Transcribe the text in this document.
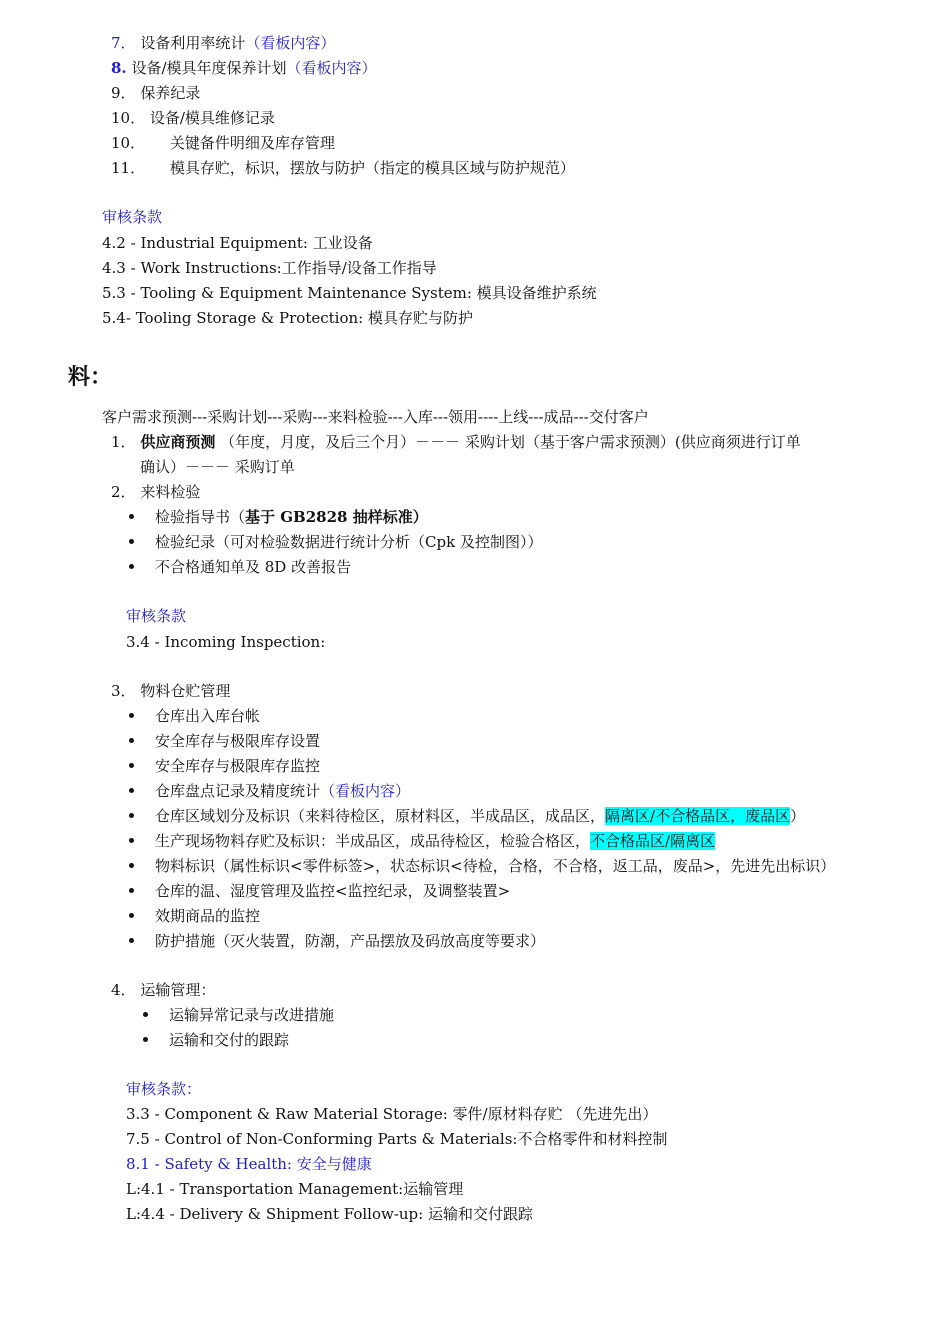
7． 设备利用率统计（看板内容）
8. 设备/模具年度保养计划（看板内容）
9． 保养纪录
10． 设备/模具维修记录
10． 关键备件明细及库存管理
11． 模具存贮，标识，摆放与防护（指定的模具区域与防护规范）
审核条款
4.2 - Industrial Equipment: 工业设备
4.3 - Work Instructions:工作指导/设备工作指导
5.3 - Tooling & Equipment Maintenance System: 模具设备维护系统
5.4- Tooling Storage & Protection: 模具存贮与防护
料：
客户需求预测---采购计划---采购---来料检验---入库---领用----上线---成品---交付客户
1． 供应商预测 （年度，月度，及后三个月）－－－ 采购计划（基于客户需求预测）(供应商须进行订单
确认）－－－ 采购订单
2． 来料检验
检验指导书（基于 GB2828 抽样标准）
检验纪录（可对检验数据进行统计分析（Cpk 及控制图））
不合格通知单及 8D 改善报告
审核条款
3.4 - Incoming Inspection:
3． 物料仓贮管理
仓库出入库台帐
安全库存与极限库存设置
安全库存与极限库存监控
仓库盘点记录及精度统计（看板内容）
仓库区域划分及标识（来料待检区，原材料区，半成品区，成品区，隔离区/不合格品区，废品区）
生产现场物料存贮及标识：半成品区，成品待检区，检验合格区，不合格品区/隔离区
物料标识（属性标识<零件标签>，状态标识<待检，合格，不合格，返工品，废品>，先进先出标识）
仓库的温、湿度管理及监控<监控纪录，及调整装置>
效期商品的监控
防护措施（灭火装置，防潮，产品摆放及码放高度等要求）
4． 运输管理：
运输异常记录与改进措施
运输和交付的跟踪
审核条款：
3.3 - Component & Raw Material Storage: 零件/原材料存贮 （先进先出）
7.5 - Control of Non-Conforming Parts & Materials:不合格零件和材料控制
8.1 - Safety & Health: 安全与健康
L:4.1 - Transportation Management:运输管理
L:4.4 - Delivery & Shipment Follow-up: 运输和交付跟踪
